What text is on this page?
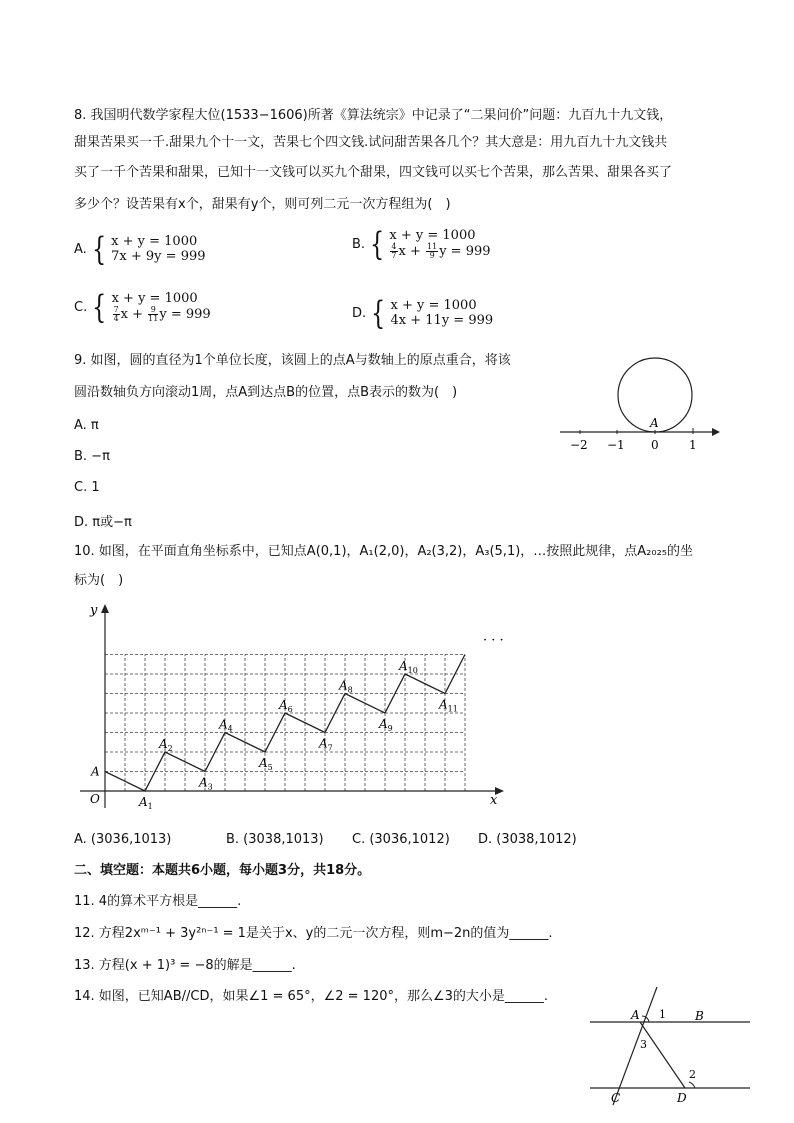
8. 我国明代数学家程大位(1533−1606)所著《算法统宗》中记录了“二果问价”问题：九百九十九文钱，
甜果苦果买一千.甜果九个十一文，苦果七个四文钱.试问甜苦果各几个？其大意是：用九百九十九文钱共
买了一千个苦果和甜果，已知十一文钱可以买九个甜果，四文钱可以买七个苦果，那么苦果、甜果各买了
多少个？设苦果有x个，甜果有y个，则可列二元一次方程组为(　)
A. { x + y = 1000
7x + 9y = 999
B. { x + y = 1000
$\frac{4}{7}$ $x + \frac{11}{9}$ y = 999
C. { x + y = 1000
$\frac{7}{4}$ $x + \frac{9}{11}$ y = 999	D. { x + y = 1000
4x + 11y = 999
9. 如图，圆的直径为1个单位长度，该圆上的点A与数轴上的原点重合，将该
圆沿数轴负方向滚动1周，点A到达点B的位置，点B表示的数为(　)
A. π
B. −π
C. 1
D. π或−π
A
−2 −1 0	1
10. 如图，在平面直角坐标系中，已知点A(0,1)，A₁(2,0)，A₂(3,2)，A₃(5,1)，…按照此规律，点A₂₀₂₅的坐
标为(　)
x
y
O
· · ·
A
$A_1$
$A_2$
$A_3$
$A_4$
$A_5$
$A_6$
$A_7$
$A_8$
$A_9$
$A_{10}$
$A_{11}$
A. (3036,1013)	B. (3038,1013) C. (3036,1012) D. (3038,1012)
二、填空题：本题共6小题，每小题3分，共18分。
11. 4的算术平方根是______.
12. 方程2xᵐ⁻¹ + 3y²ⁿ⁻¹ = 1是关于x、y的二元一次方程，则m−2n的值为______.
13. 方程(x + 1)³ = −8的解是______.
14. 如图，已知AB//CD，如果∠1 = 65°，∠2 = 120°，那么∠3的大小是______.
A	B
C	D
1
2
3
